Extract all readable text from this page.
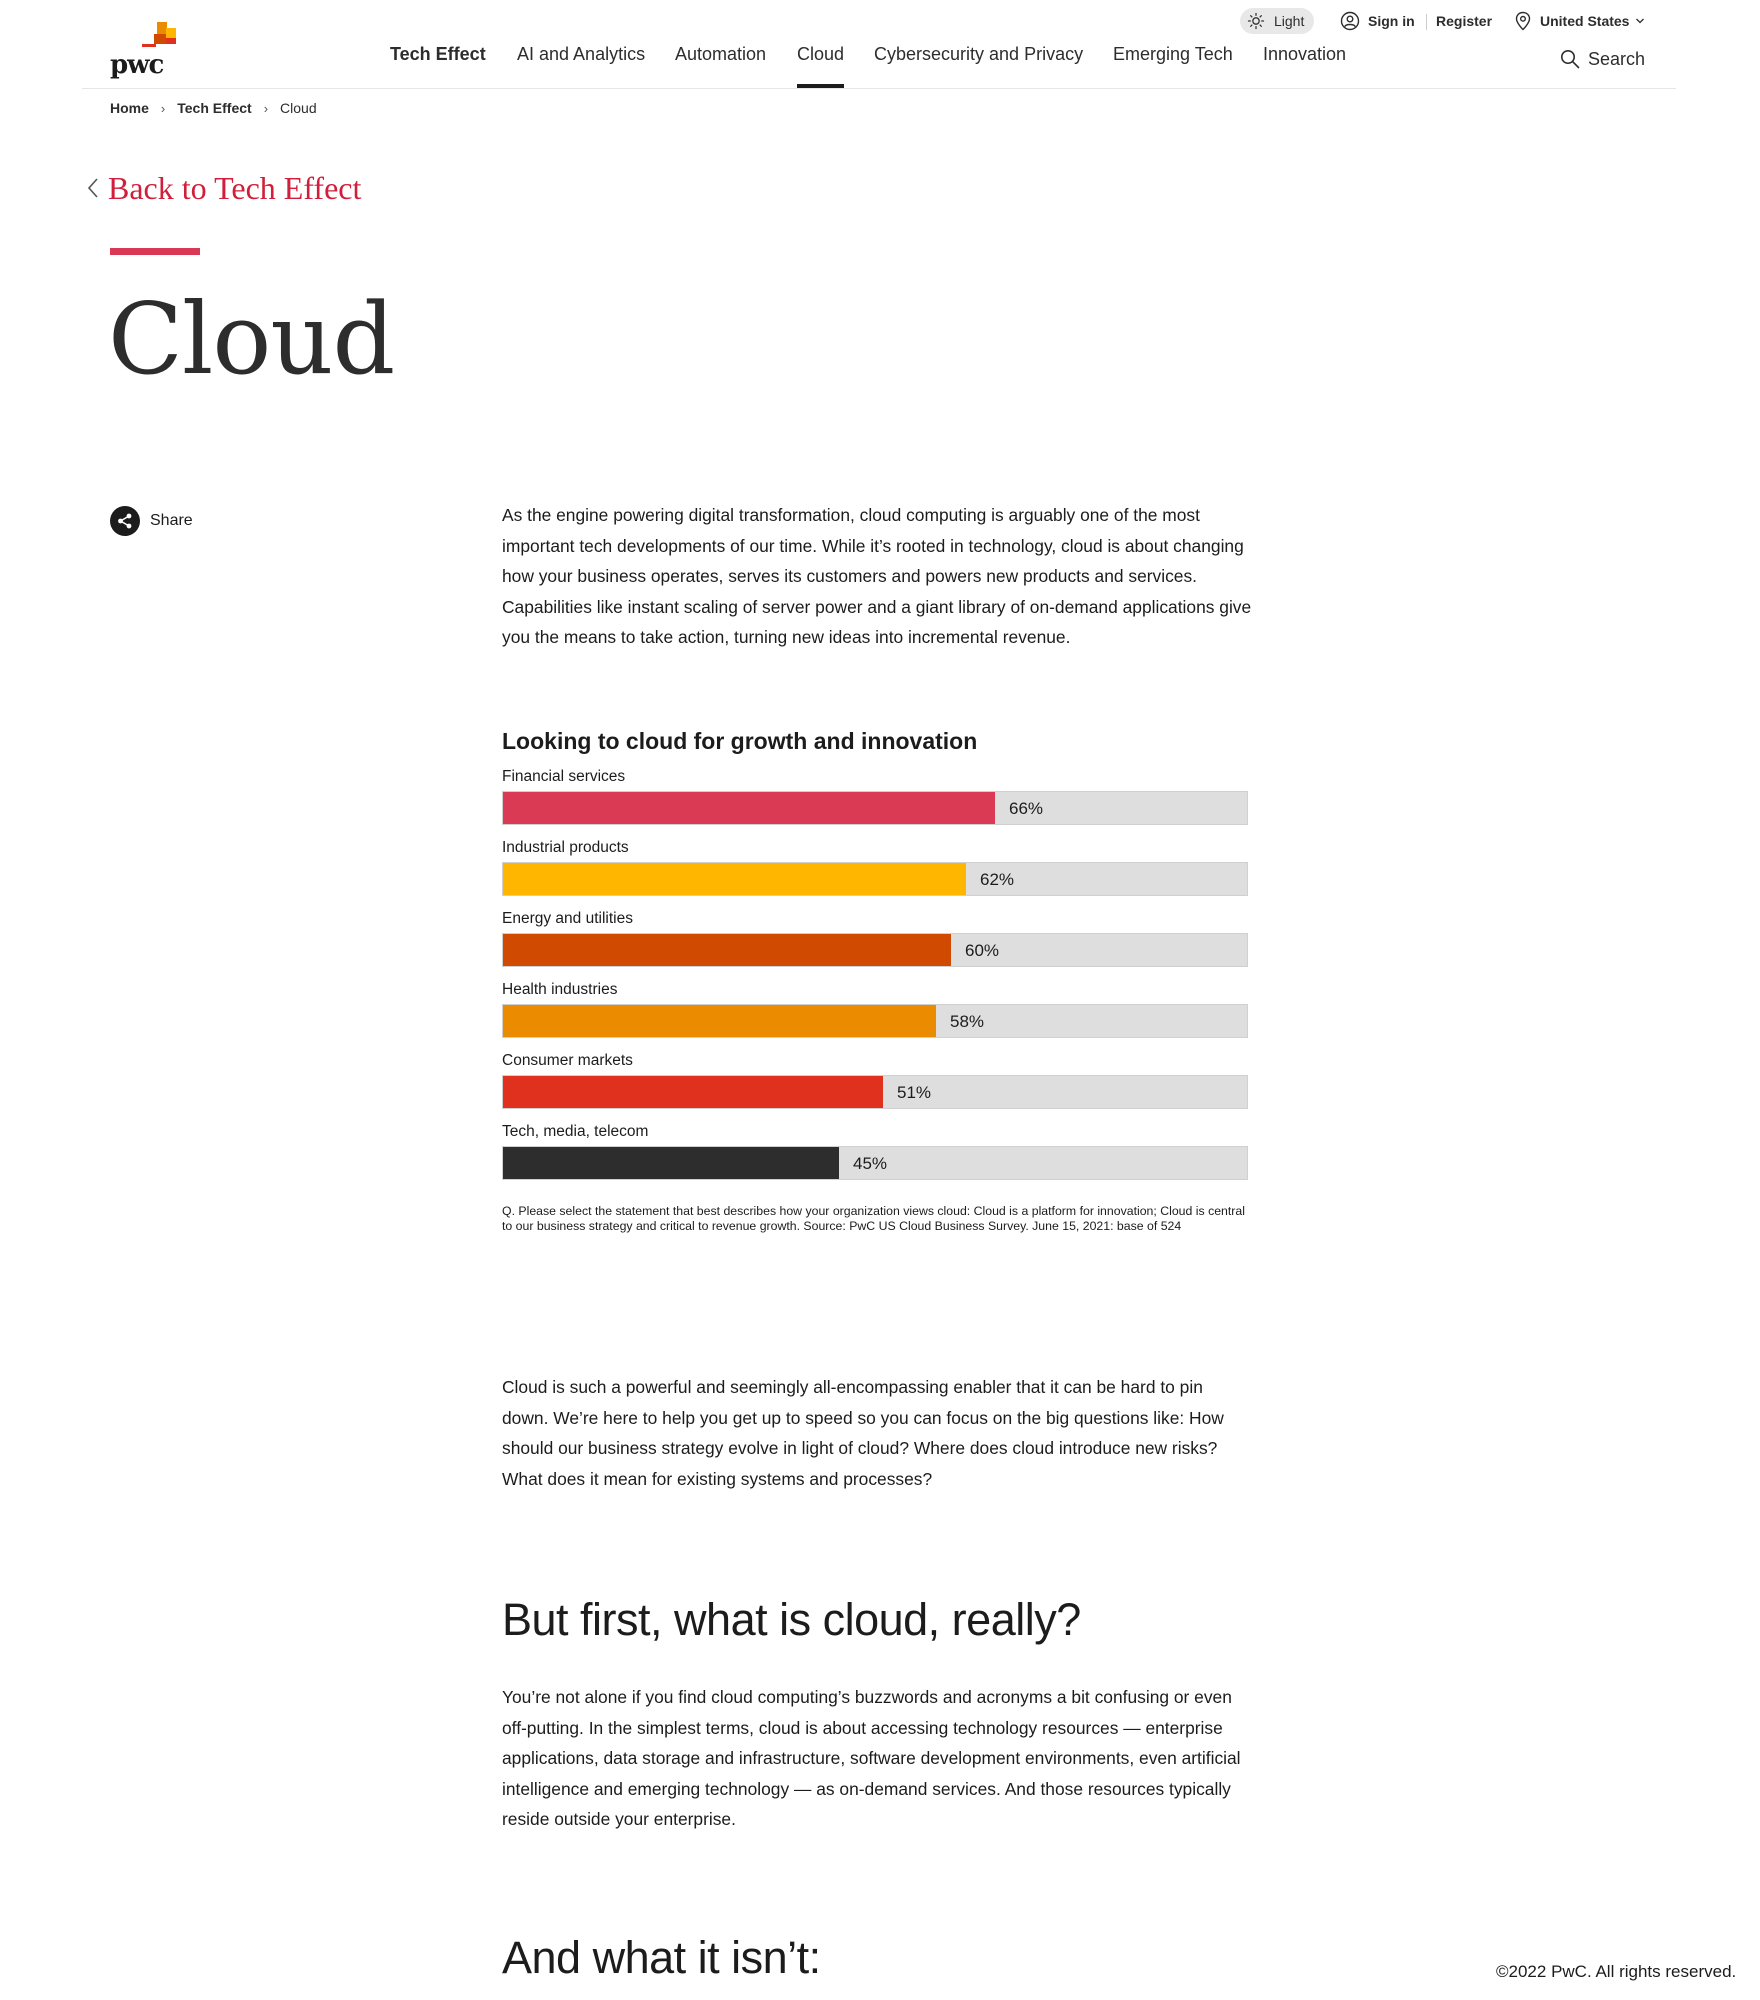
Light	Sign in Register	United States
pwc	Tech Effect AI and Analytics Automation Cloud Cybersecurity and Privacy Emerging Tech Innovation	Search
Home › Tech Effect › Cloud
Back to Tech Effect
Cloud
Share	As the engine powering digital transformation, cloud computing is arguably one of the most important tech developments of our time. While it’s rooted in technology, cloud is about changing how your business operates, serves its customers and powers new products and services. Capabilities like instant scaling of server power and a giant library of on-demand applications give you the means to take action, turning new ideas into incremental revenue.

Looking to cloud for growth and innovation
Financial services
66%
Industrial products
62%
Energy and utilities
60%
Health industries
58%
Consumer markets
51%
Tech, media, telecom
45%

Q. Please select the statement that best describes how your organization views cloud: Cloud is a platform for innovation; Cloud is central to our business strategy and critical to revenue growth. Source: PwC US Cloud Business Survey. June 15, 2021: base of 524

Cloud is such a powerful and seemingly all-encompassing enabler that it can be hard to pin down. We’re here to help you get up to speed so you can focus on the big questions like: How should our business strategy evolve in light of cloud? Where does cloud introduce new risks? What does it mean for existing systems and processes?

But first, what is cloud, really?

You’re not alone if you find cloud computing’s buzzwords and acronyms a bit confusing or even off-putting. In the simplest terms, cloud is about accessing technology resources — enterprise applications, data storage and infrastructure, software development environments, even artificial intelligence and emerging technology — as on-demand services. And those resources typically reside outside your enterprise.

And what it isn’t:	©2022 PwC. All rights reserved.
